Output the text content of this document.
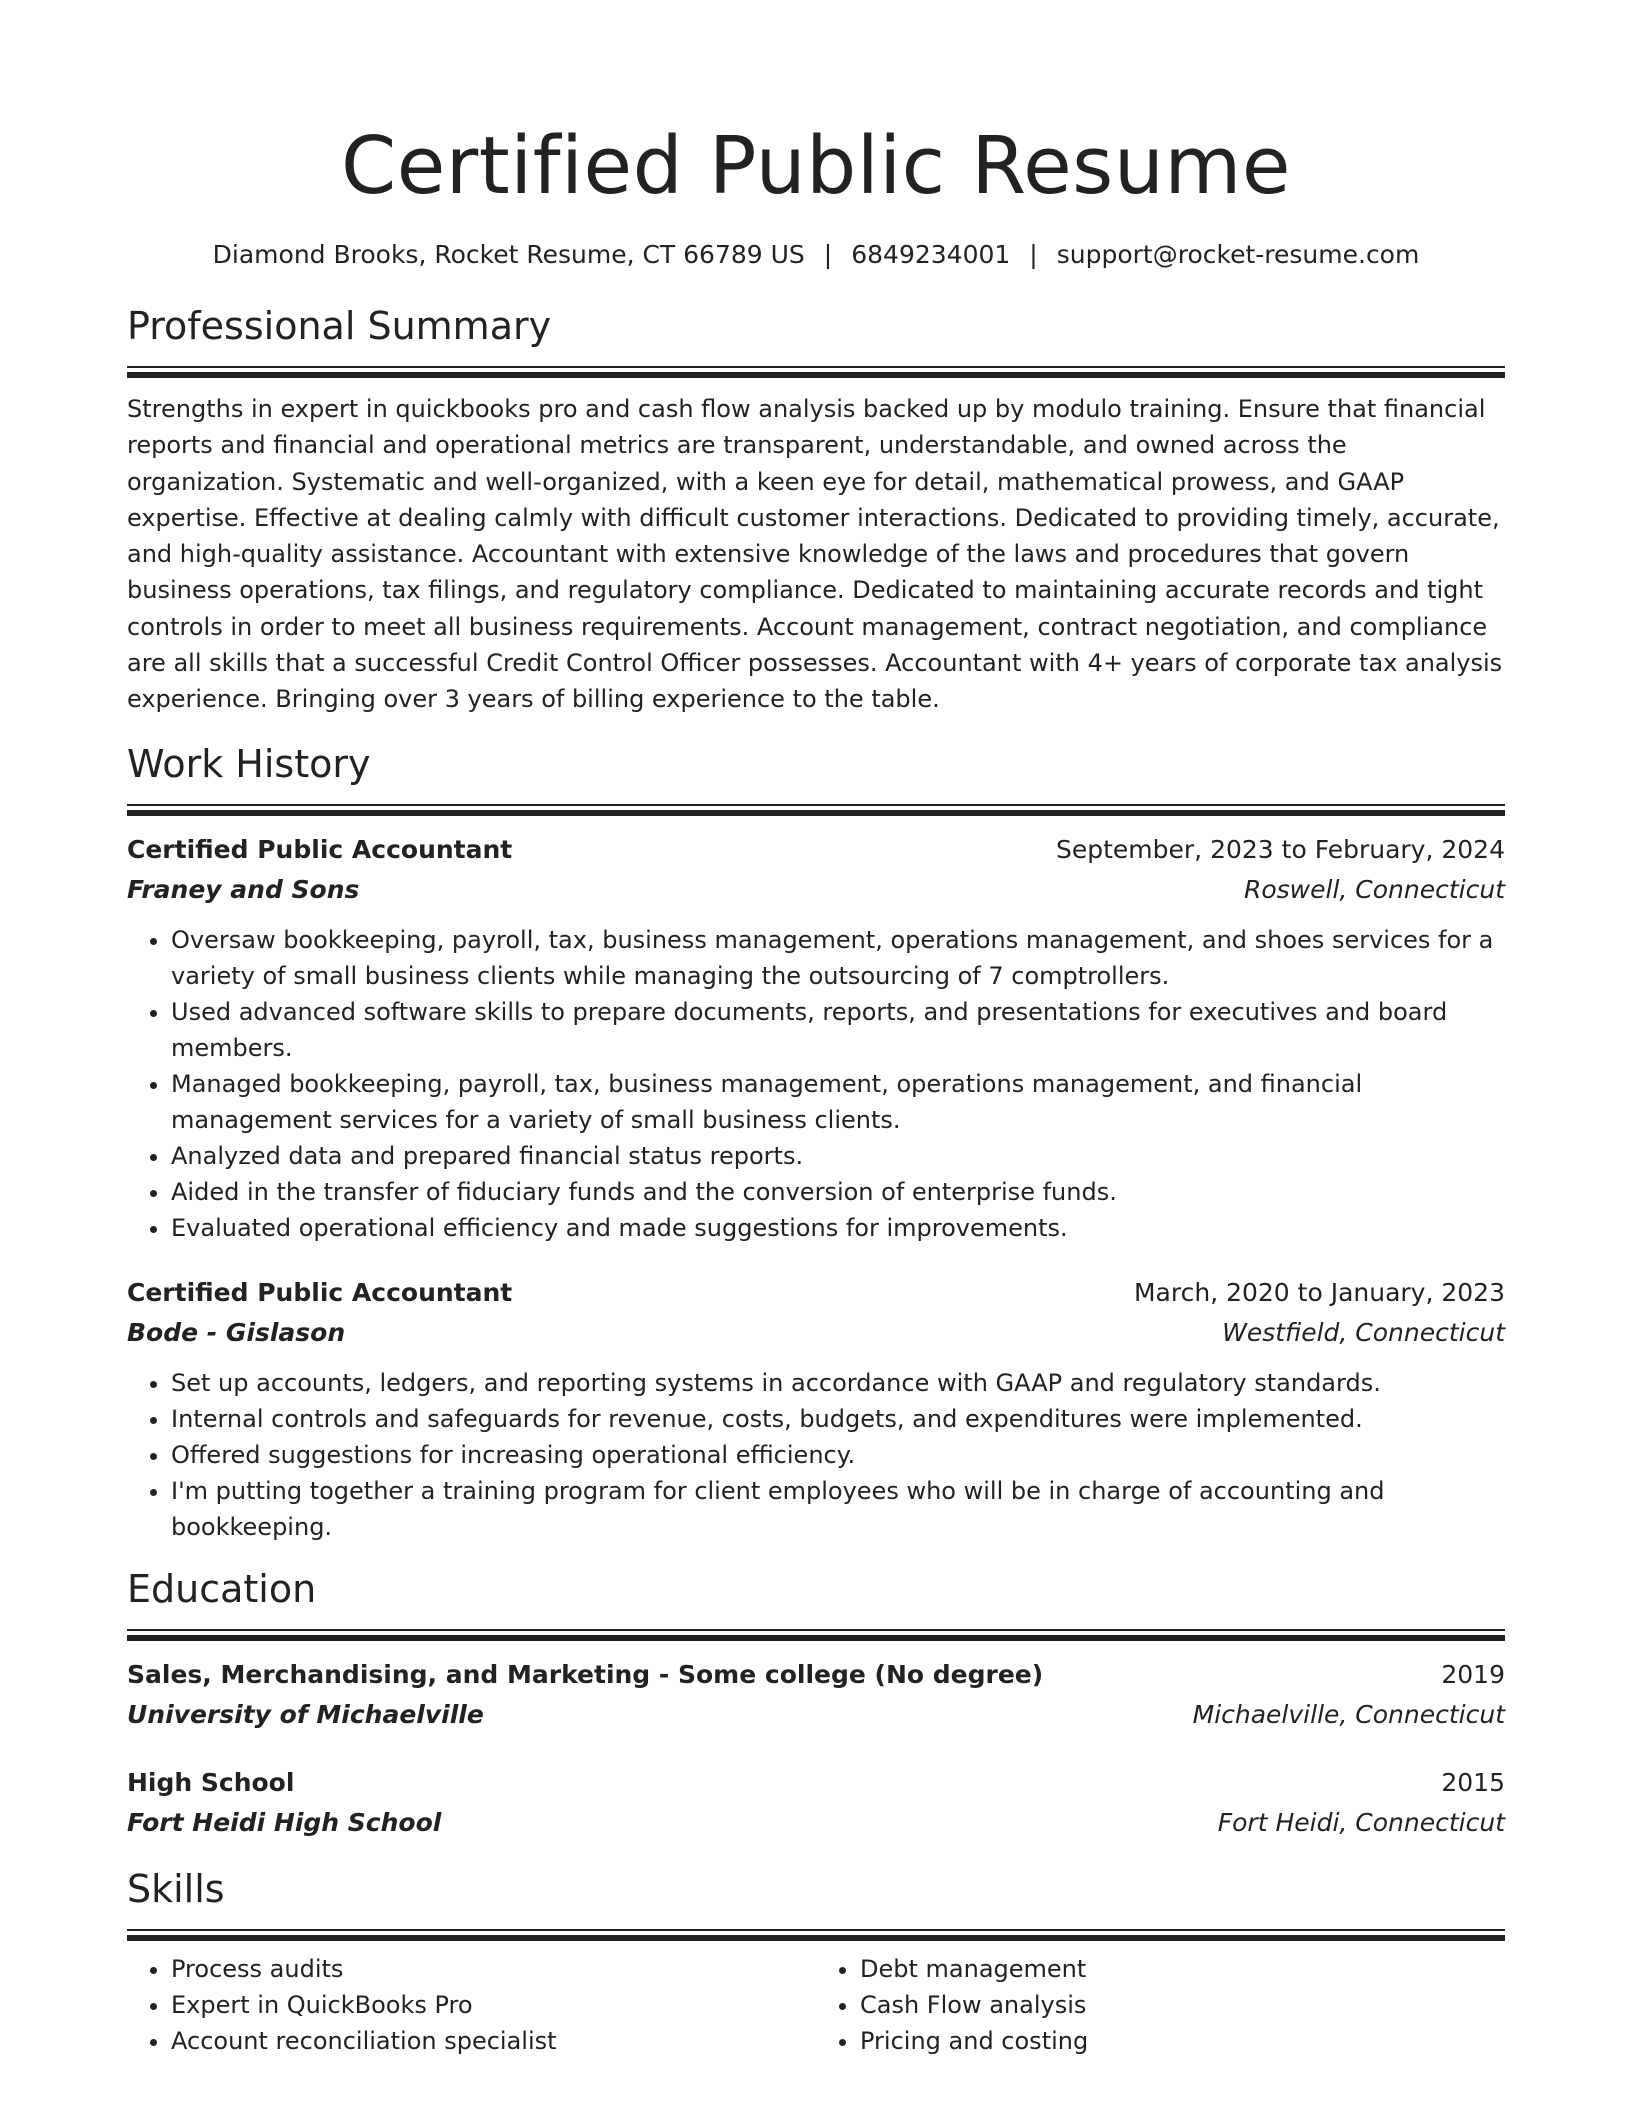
Certified Public Resume
Diamond Brooks, Rocket Resume, CT 66789 US | 6849234001 | support@rocket-resume.com
Professional Summary
Strengths in expert in quickbooks pro and cash flow analysis backed up by modulo training. Ensure that financial reports and financial and operational metrics are transparent, understandable, and owned across the organization. Systematic and well-organized, with a keen eye for detail, mathematical prowess, and GAAP expertise. Effective at dealing calmly with difficult customer interactions. Dedicated to providing timely, accurate, and high-quality assistance. Accountant with extensive knowledge of the laws and procedures that govern business operations, tax filings, and regulatory compliance. Dedicated to maintaining accurate records and tight controls in order to meet all business requirements. Account management, contract negotiation, and compliance are all skills that a successful Credit Control Officer possesses. Accountant with 4+ years of corporate tax analysis experience. Bringing over 3 years of billing experience to the table.
Work History
Certified Public Accountant	September, 2023 to February, 2024
Franey and Sons	Roswell, Connecticut
• Oversaw bookkeeping, payroll, tax, business management, operations management, and shoes services for a variety of small business clients while managing the outsourcing of 7 comptrollers.
• Used advanced software skills to prepare documents, reports, and presentations for executives and board members.
• Managed bookkeeping, payroll, tax, business management, operations management, and financial management services for a variety of small business clients.
• Analyzed data and prepared financial status reports.
• Aided in the transfer of fiduciary funds and the conversion of enterprise funds.
• Evaluated operational efficiency and made suggestions for improvements.
Certified Public Accountant	March, 2020 to January, 2023
Bode - Gislason	Westfield, Connecticut
• Set up accounts, ledgers, and reporting systems in accordance with GAAP and regulatory standards.
• Internal controls and safeguards for revenue, costs, budgets, and expenditures were implemented.
• Offered suggestions for increasing operational efficiency.
• I'm putting together a training program for client employees who will be in charge of accounting and bookkeeping.
Education
Sales, Merchandising, and Marketing - Some college (No degree)	2019
University of Michaelville	Michaelville, Connecticut
High School	2015
Fort Heidi High School	Fort Heidi, Connecticut
Skills
• Process audits
• Expert in QuickBooks Pro
• Account reconciliation specialist
• Debt management
• Cash Flow analysis
• Pricing and costing
